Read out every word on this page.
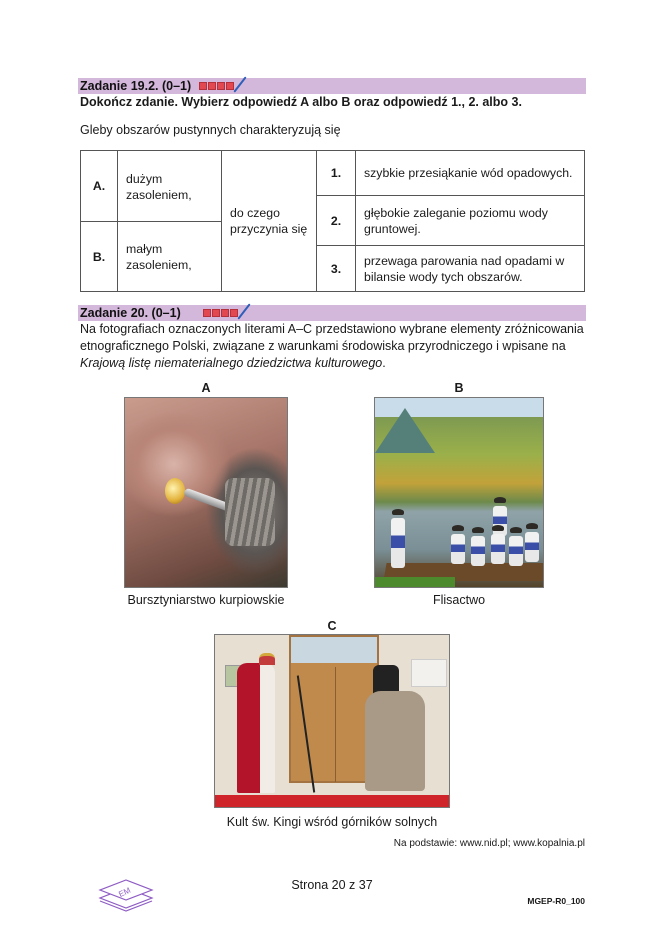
Zadanie 19.2. (0–1)
Dokończ zdanie. Wybierz odpowiedź A albo B oraz odpowiedź 1., 2. albo 3.
Gleby obszarów pustynnych charakteryzują się
A.	dużym zasoleniem,	do czego przyczynia się	1.	szybkie przesiąkanie wód opadowych.
			2.	głębokie zaleganie poziomu wody gruntowej.
B.	małym zasoleniem,			
			3.	przewaga parowania nad opadami w bilansie wody tych obszarów.
Zadanie 20. (0–1)
Na fotografiach oznaczonych literami A–C przedstawiono wybrane elementy zróżnicowania
etnograficznego Polski, związane z warunkami środowiska przyrodniczego i wpisane na
Krajową listę niematerialnego dziedzictwa kulturowego.
A
Bursztyniarstwo kurpiowskie
B
Flisactwo
C
Kult św. Kingi wśród górników solnych
Na podstawie: www.nid.pl; www.kopalnia.pl
EM
Strona 20 z 37
MGEP-R0_100
